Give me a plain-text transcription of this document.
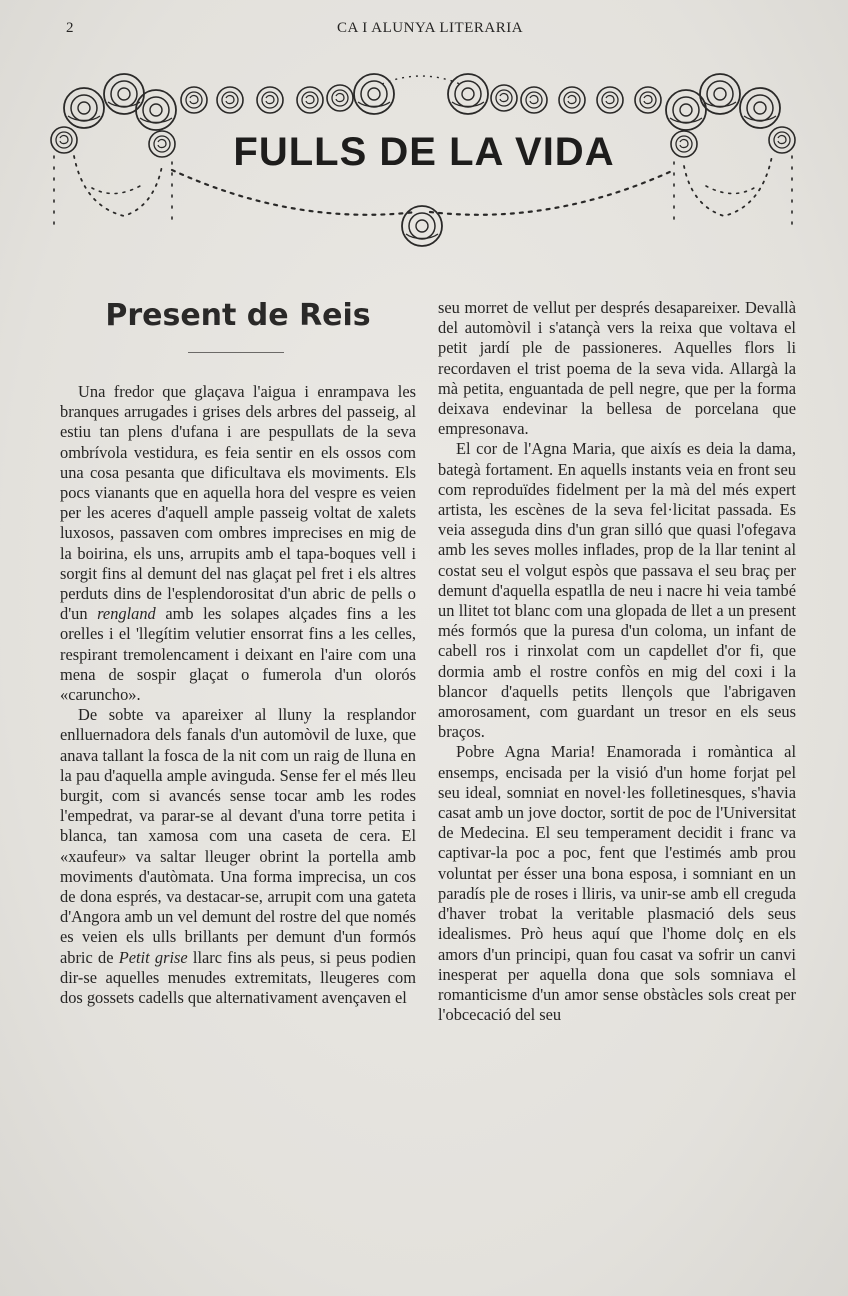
2	CA I ALUNYA LITERARIA
FULLS DE LA VIDA
Present de Reis

Una fredor que glaçava l'aigua i enrampava les branques arrugades i grises dels arbres del passeig, al estiu tan plens d'ufana i are pespullats de la seva ombrívola vestidura, es feia sentir en els ossos com una cosa pesanta que dificultava els moviments. Els pocs vianants que en aquella hora del vespre es veien per les aceres d'aquell ample passeig voltat de xalets luxosos, passaven com ombres imprecises en mig de la boirina, els uns, arrupits amb el tapa-boques vell i sorgit fins al demunt del nas glaçat pel fret i els altres perduts dins de l'esplendorositat d'un abric de pells o d'un rengland amb les solapes alçades fins a les orelles i el 'llegítim velutier ensorrat fins a les celles, respirant tremolencament i deixant en l'aire com una mena de sospir glaçat o fumerola d'un olorós «caruncho».

De sobte va apareixer al lluny la resplandor enlluernadora dels fanals d'un automòvil de luxe, que anava tallant la fosca de la nit com un raig de lluna en la pau d'aquella ample avinguda. Sense fer el més lleu burgit, com si avancés sense tocar amb les rodes l'empedrat, va parar-se al devant d'una torre petita i blanca, tan xamosa com una caseta de cera. El «xaufeur» va saltar lleuger obrint la portella amb moviments d'autòmata. Una forma imprecisa, un cos de dona esprés, va destacar-se, arrupit com una gateta d'Angora amb un vel demunt del rostre del que només es veien els ulls brillants per demunt d'un formós abric de Petit grise llarc fins als peus, si peus podien dir-se aquelles menudes extremitats, lleugeres com dos gossets cadells que alternativament avençaven el

seu morret de vellut per després desapareixer. Devallà del automòvil i s'atançà vers la reixa que voltava el petit jardí ple de passioneres. Aquelles flors li recordaven el trist poema de la seva vida. Allargà la mà petita, enguantada de pell negre, que per la forma deixava endevinar la bellesa de porcelana que empresonava.

El cor de l'Agna Maria, que aixís es deia la dama, bategà fortament. En aquells instants veia en front seu com reproduïdes fidelment per la mà del més expert artista, les escènes de la seva fel·licitat passada. Es veia asseguda dins d'un gran silló que quasi l'ofegava amb les seves molles inflades, prop de la llar tenint al costat seu el volgut espòs que passava el seu braç per demunt d'aquella espatlla de neu i nacre hi veia també un llitet tot blanc com una glopada de llet a un present més formós que la puresa d'un coloma, un infant de cabell ros i rinxolat com un capdellet d'or fi, que dormia amb el rostre confòs en mig del coxi i la blancor d'aquells petits llençols que l'abrigaven amorosament, com guardant un tresor en els seus braços.

Pobre Agna Maria! Enamorada i romàntica al ensemps, encisada per la visió d'un home forjat pel seu ideal, somniat en novel·les folletinesques, s'havia casat amb un jove doctor, sortit de poc de l'Universitat de Medecina. El seu temperament decidit i franc va captivar-la poc a poc, fent que l'estimés amb prou voluntat per ésser una bona esposa, i somniant en un paradís ple de roses i lliris, va unir-se amb ell creguda d'haver trobat la veritable plasmació dels seus idealismes. Prò heus aquí que l'home dolç en els amors d'un principi, quan fou casat va sofrir un canvi inesperat per aquella dona que sols somniava el romanticisme d'un amor sense obstàcles sols creat per l'obcecació del seu
